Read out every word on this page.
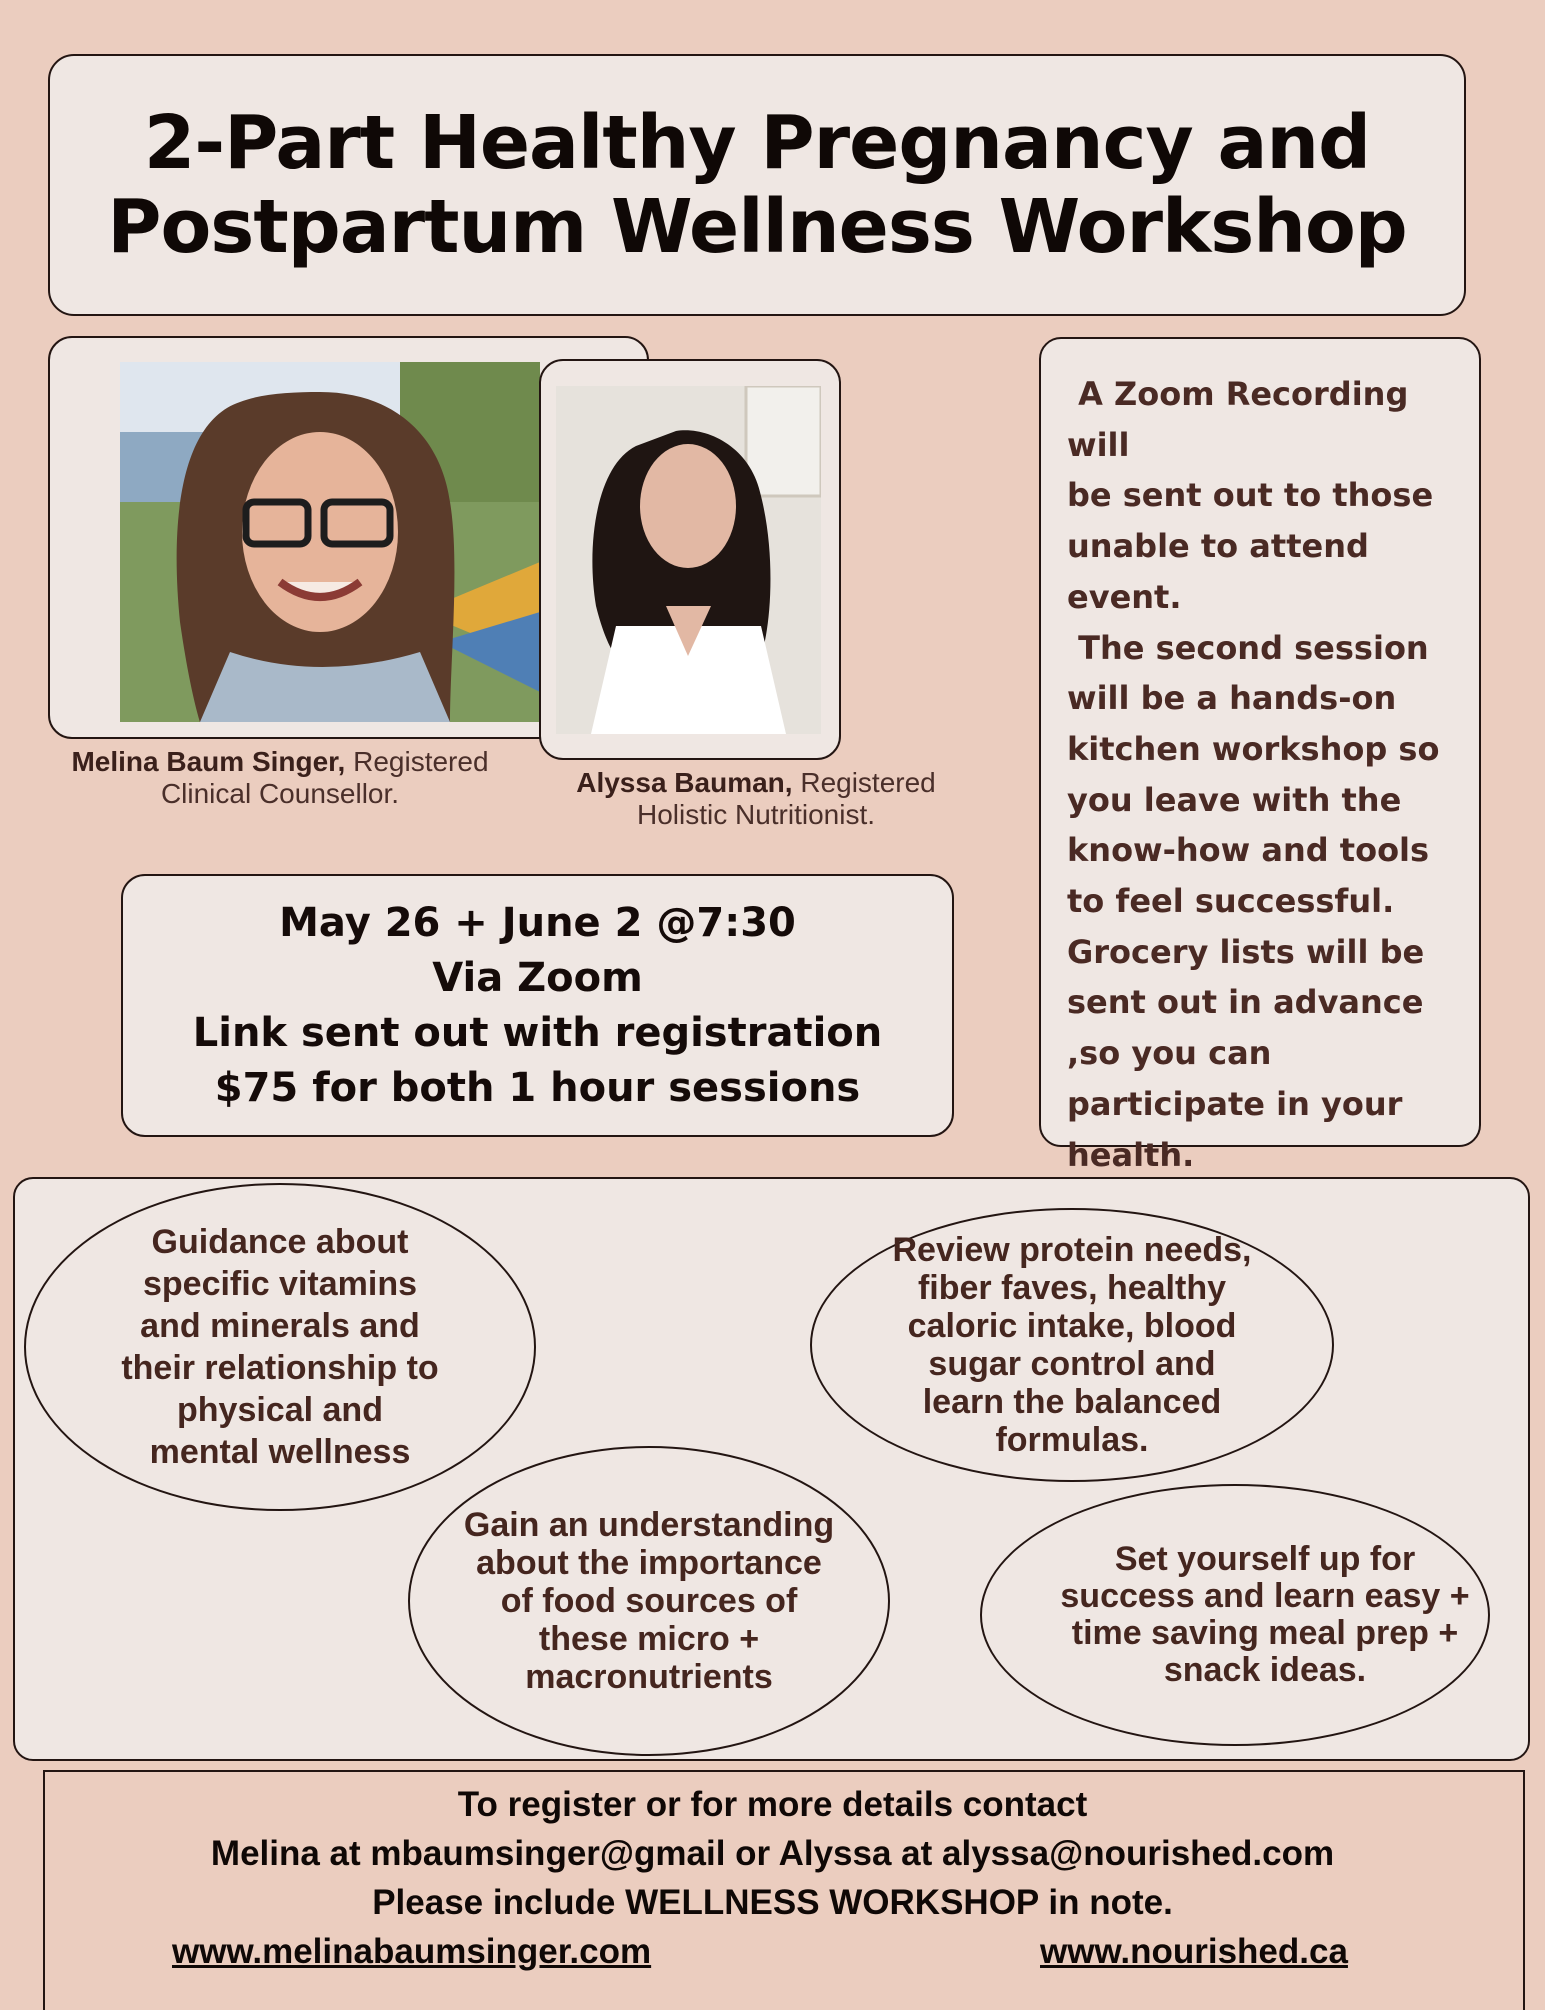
2-Part Healthy Pregnancy and
Postpartum Wellness Workshop
Melina Baum Singer, Registered
Clinical Counsellor.	Alyssa Bauman, Registered
Holistic Nutritionist.
May 26 + June 2 @7:30
Via Zoom
Link sent out with registration
$75 for both 1 hour sessions

A Zoom Recording will
be sent out to those
unable to attend
event.
The second session
will be a hands-on
kitchen workshop so
you leave with the
know-how and tools
to feel successful.
Grocery lists will be
sent out in advance
,so you can
participate in your
health.

Guidance about
specific vitamins
and minerals and
their relationship to
physical and
mental wellness
Review protein needs,
fiber faves, healthy
caloric intake, blood
sugar control and
learn the balanced
formulas.
Gain an understanding
about the importance
of food sources of
these micro +
macronutrients
Set yourself up for
success and learn easy +
time saving meal prep +
snack ideas.
To register or for more details contact
Melina at mbaumsinger@gmail or Alyssa at alyssa@nourished.com
Please include WELLNESS WORKSHOP in note.
www.melinabaumsinger.com	www.nourished.ca
